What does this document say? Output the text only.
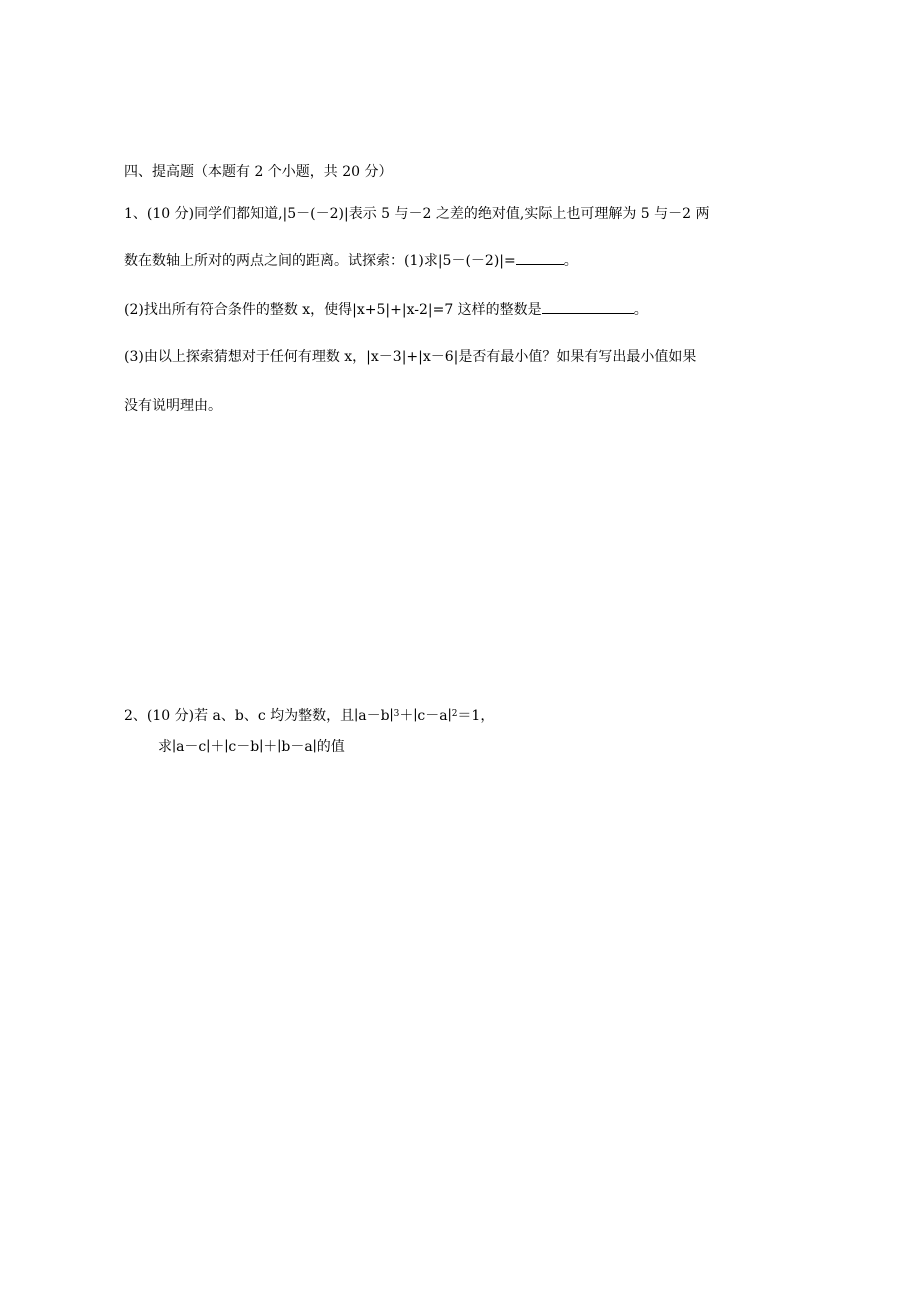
四、提高题（本题有 2 个小题，共 20 分）
1、(10 分)同学们都知道,|5－(－2)|表示 5 与－2 之差的绝对值,实际上也可理解为 5 与－2 两
数在数轴上所对的两点之间的距离。试探索：(1)求|5－(－2)|=	。
(2)找出所有符合条件的整数 x，使得|x+5|+|x-2|=7 这样的整数是	。
(3)由以上探索猜想对于任何有理数 x，|x－3|+|x－6|是否有最小值？如果有写出最小值如果
没有说明理由。
2、(10 分)若 a、b、c 均为整数，且∣a－b∣$^3$＋∣c－a∣$^2$＝1，
求∣a－c∣＋∣c－b∣＋∣b－a∣的值
